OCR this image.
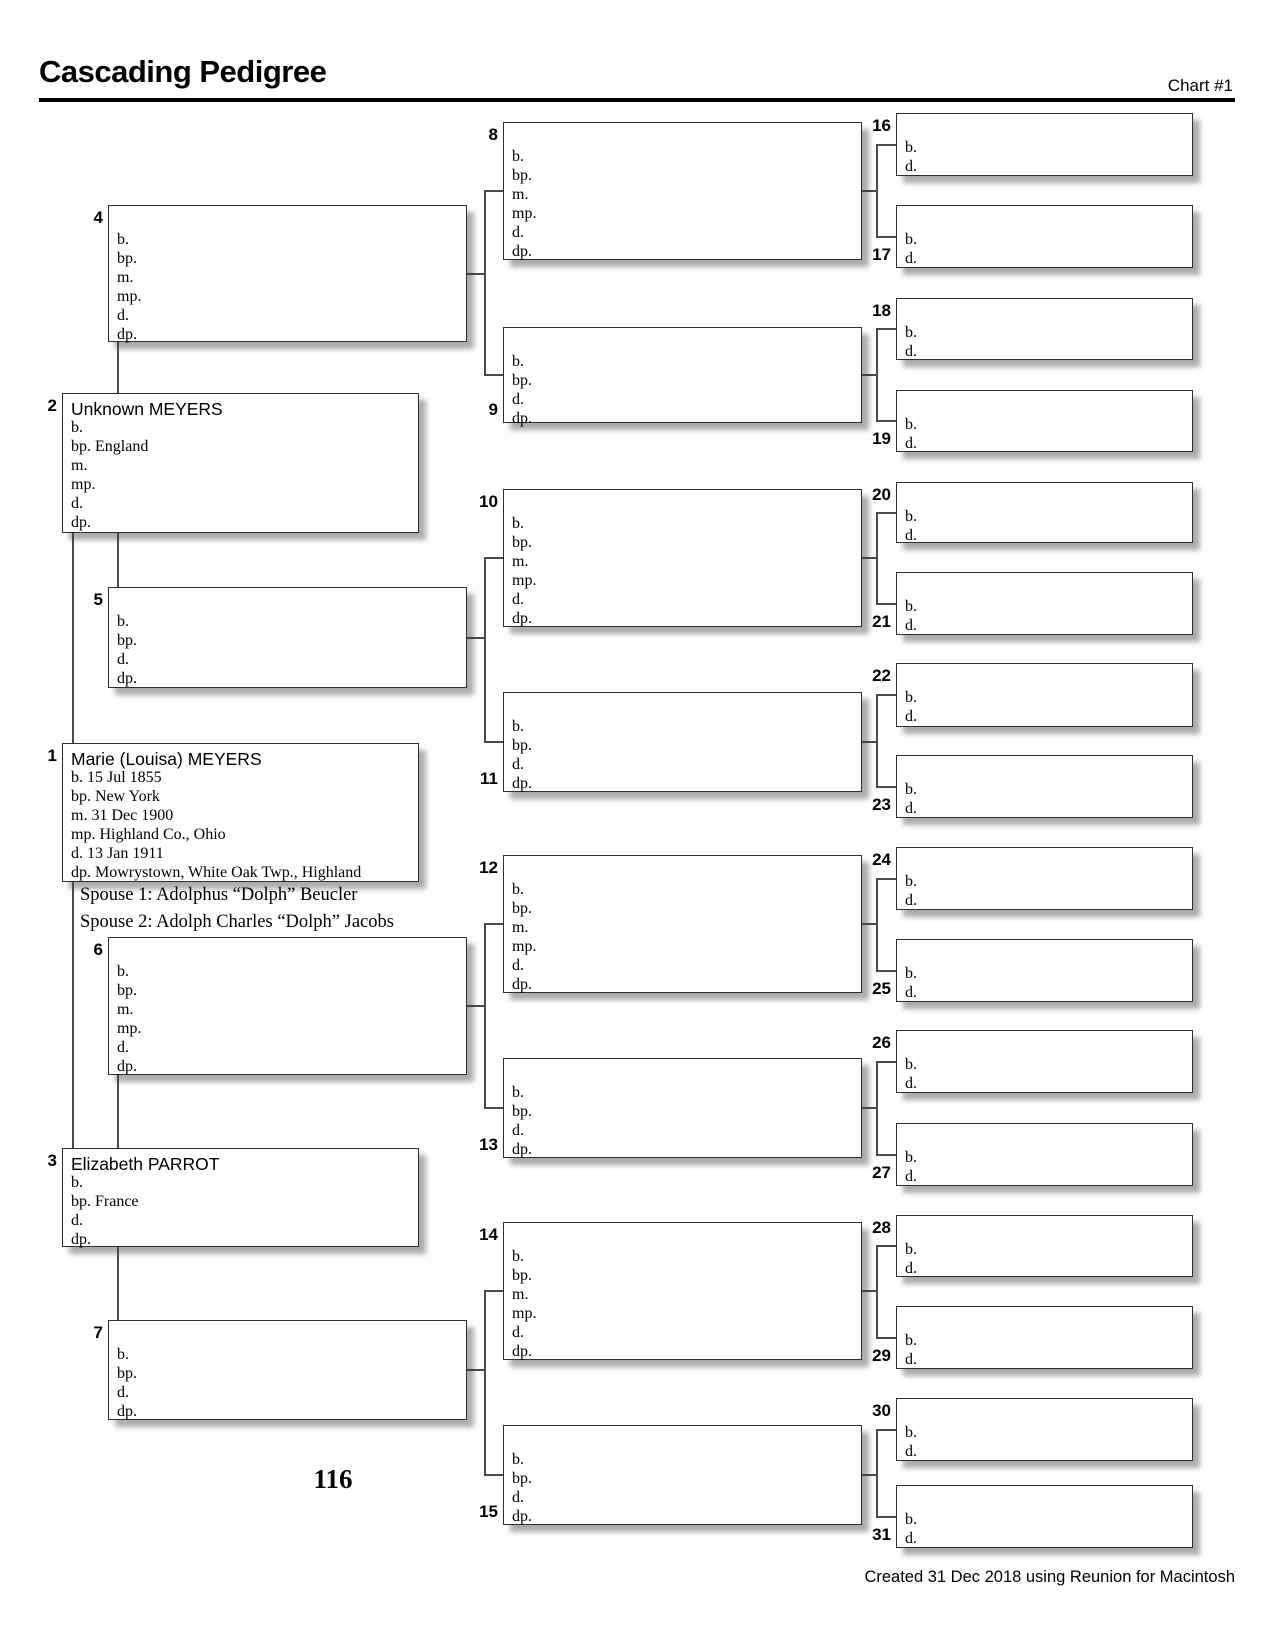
Cascading Pedigree	Chart #1
Spouse 1: Adolphus “Dolph” Beucler
Spouse 2: Adolph Charles “Dolph” Jacobs
116
Marie (Louisa) MEYERS
b. 15 Jul 1855
bp. New York
m. 31 Dec 1900
mp. Highland Co., Ohio
d. 13 Jan 1911
dp. Mowrystown, White Oak Twp., Highland
1
Unknown MEYERS
b.
bp. England
m.
mp.
d.
dp.
2
Elizabeth PARROT
b.
bp. France
d.
dp.
3
b.
bp.
m.
mp.
d.
dp.
4
b.
bp.
d.
dp.
5
b.
bp.
m.
mp.
d.
dp.
6
b.
bp.
d.
dp.
7
b.
bp.
m.
mp.
d.
dp.
8
b.
bp.
d.
dp.
9
b.
bp.
m.
mp.
d.
dp.
10
b.
bp.
d.
dp.
11
b.
bp.
m.
mp.
d.
dp.
12
b.
bp.
d.
dp.
13
b.
bp.
m.
mp.
d.
dp.
14
b.
bp.
d.
dp.
15
b.
d.
16
b.
d.
17
b.
d.
18
b.
d.
19
b.
d.
20
b.
d.
21
b.
d.
22
b.
d.
23
b.
d.
24
b.
d.
25
b.
d.
26
b.
d.
27
b.
d.
28
b.
d.
29
b.
d.
30
b.
d.
31
Created 31 Dec 2018 using Reunion for Macintosh
